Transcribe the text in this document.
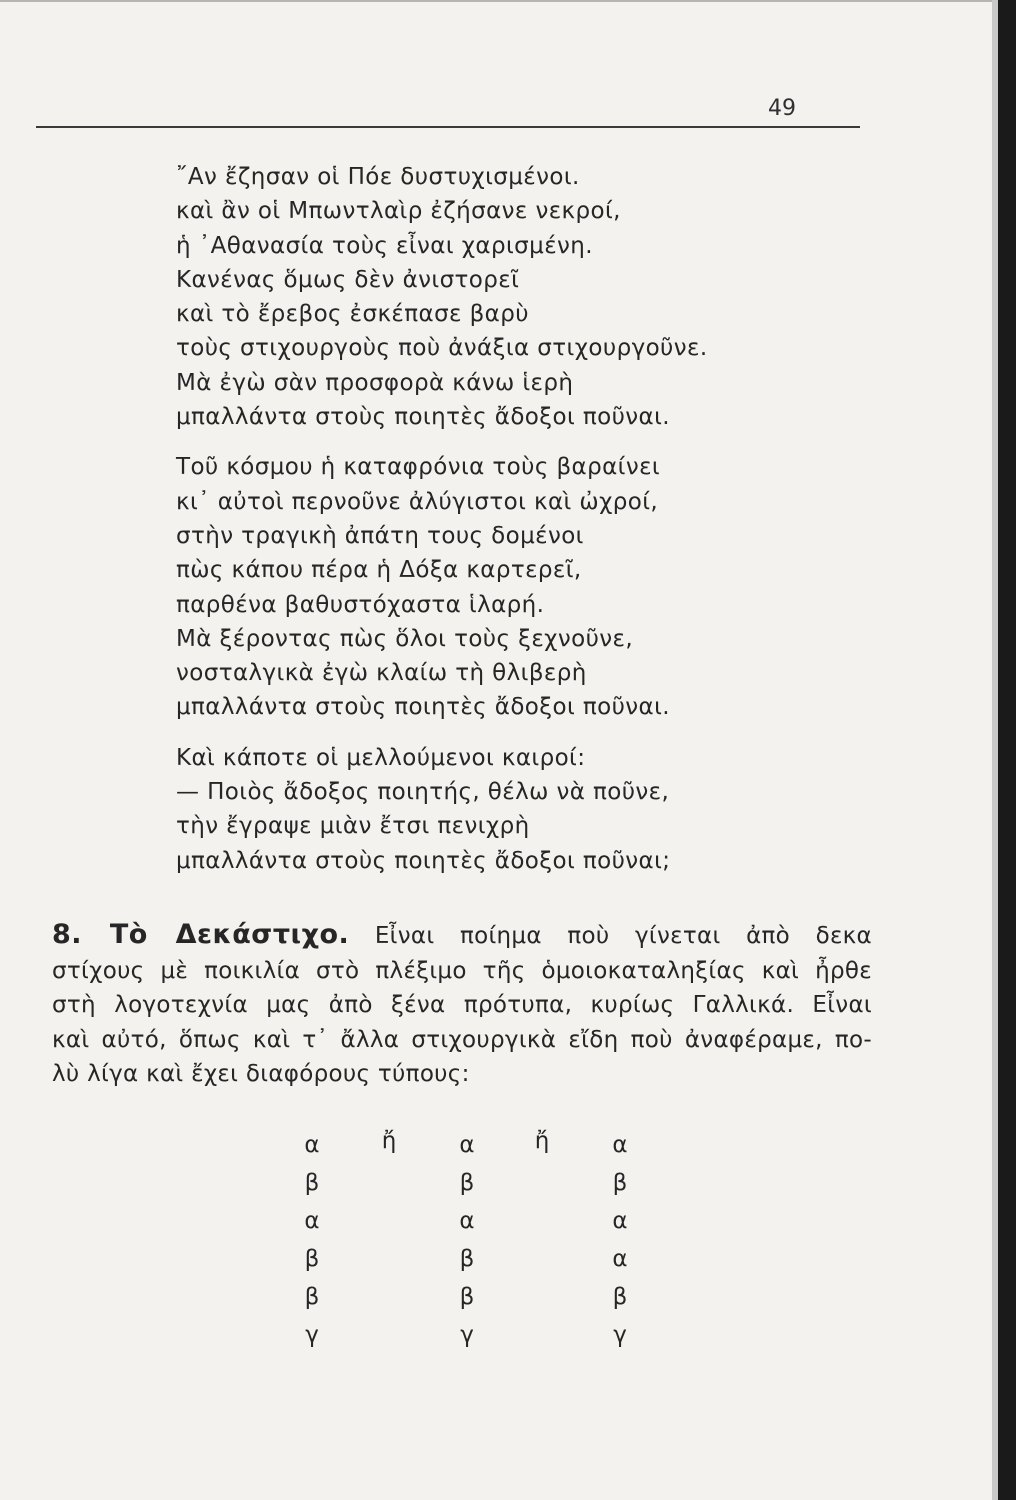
49
῎Αν ἔζησαν οἱ Πόε δυστυχισμένοι.
καὶ ἂν οἱ Μπωντλαὶρ ἐζήσανε νεκροί,
ἡ ᾿Αθανασία τοὺς εἶναι χαρισμένη.
Κανένας ὅμως δὲν ἀνιστορεῖ
καὶ τὸ ἔρεβος ἐσκέπασε βαρὺ
τοὺς στιχουργοὺς ποὺ ἀνάξια στιχουργοῦνε.
Μὰ ἐγὼ σὰν προσφορὰ κάνω ἱερὴ
μπαλλάντα στοὺς ποιητὲς ἄδοξοι ποῦναι.
Τοῦ κόσμου ἡ καταφρόνια τοὺς βαραίνει
κι᾿ αὐτοὶ περνοῦνε ἀλύγιστοι καὶ ὠχροί,
στὴν τραγικὴ ἀπάτη τους δομένοι
πὼς κάπου πέρα ἡ Δόξα καρτερεῖ,
παρθένα βαθυστόχαστα ἱλαρή.
Μὰ ξέροντας πὼς ὅλοι τοὺς ξεχνοῦνε,
νοσταλγικὰ ἐγὼ κλαίω τὴ θλιβερὴ
μπαλλάντα στοὺς ποιητὲς ἄδοξοι ποῦναι.
Καὶ κάποτε οἱ μελλούμενοι καιροί:
— Ποιὸς ἄδοξος ποιητής, θέλω νὰ ποῦνε,
τὴν ἔγραψε μιὰν ἔτσι πενιχρὴ
μπαλλάντα στοὺς ποιητὲς ἄδοξοι ποῦναι;
8. Τὸ Δεκάστιχο. Εἶναι ποίημα ποὺ γίνεται ἀπὸ δεκα
στίχους μὲ ποικιλία στὸ πλέξιμο τῆς ὁμοιοκαταληξίας καὶ ἦρθε
στὴ λογοτεχνία μας ἀπὸ ξένα πρότυπα, κυρίως Γαλλικά. Εἶναι
καὶ αὐτό, ὅπως καὶ τ᾿ ἄλλα στιχουργικὰ εἴδη ποὺ ἀναφέραμε, πο-
λὺ λίγα καὶ ἔχει διαφόρους τύπους:
α
β
α
β
β
γ
ἤ	α
β
α
β
β
γ
ἤ	α
β
α
α
β
γ
